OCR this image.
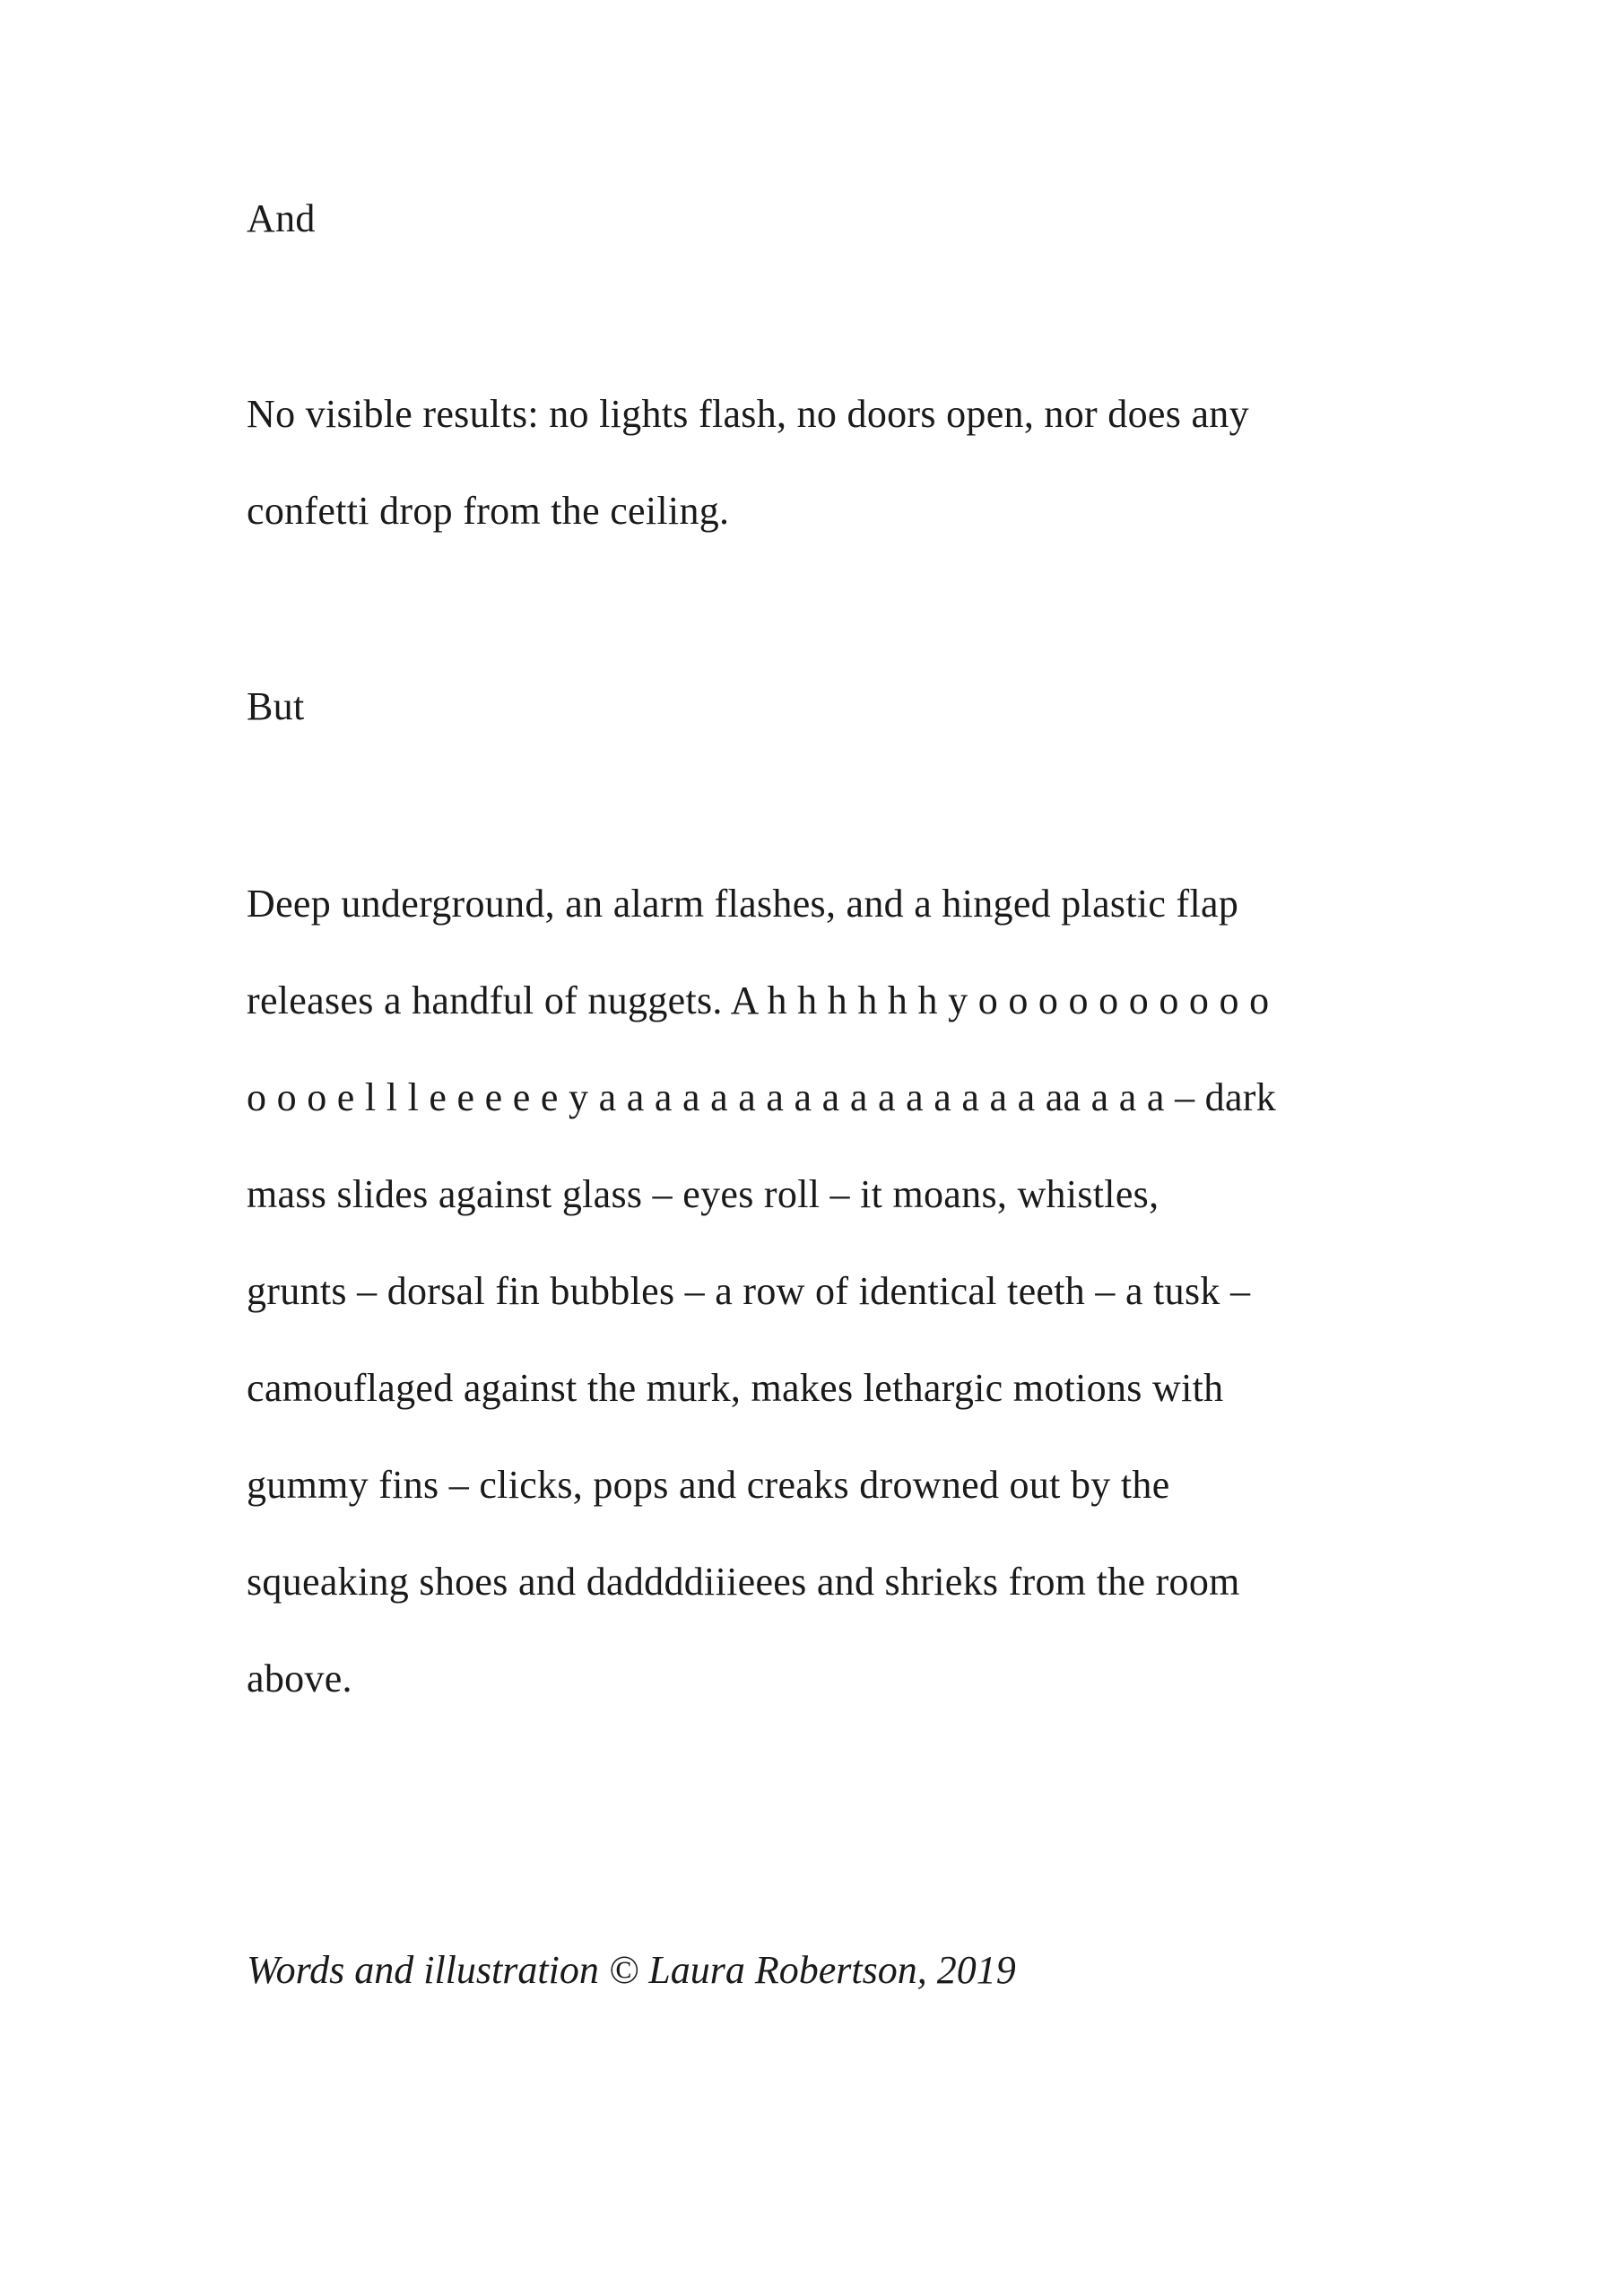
And

No visible results: no lights flash, no doors open, nor does any

confetti drop from the ceiling.

But

Deep underground, an alarm flashes, and a hinged plastic flap

releases a handful of nuggets. A h h h h h h y o o o o o o o o o o

o o o e l l l e e e e e y a a a a a a a a a a a a a a a a aa a a a – dark

mass slides against glass – eyes roll – it moans, whistles,

grunts – dorsal fin bubbles – a row of identical teeth – a tusk –

camouflaged against the murk, makes lethargic motions with

gummy fins – clicks, pops and creaks drowned out by the

squeaking shoes and daddddiiieees and shrieks from the room

above.

Words and illustration © Laura Robertson, 2019
